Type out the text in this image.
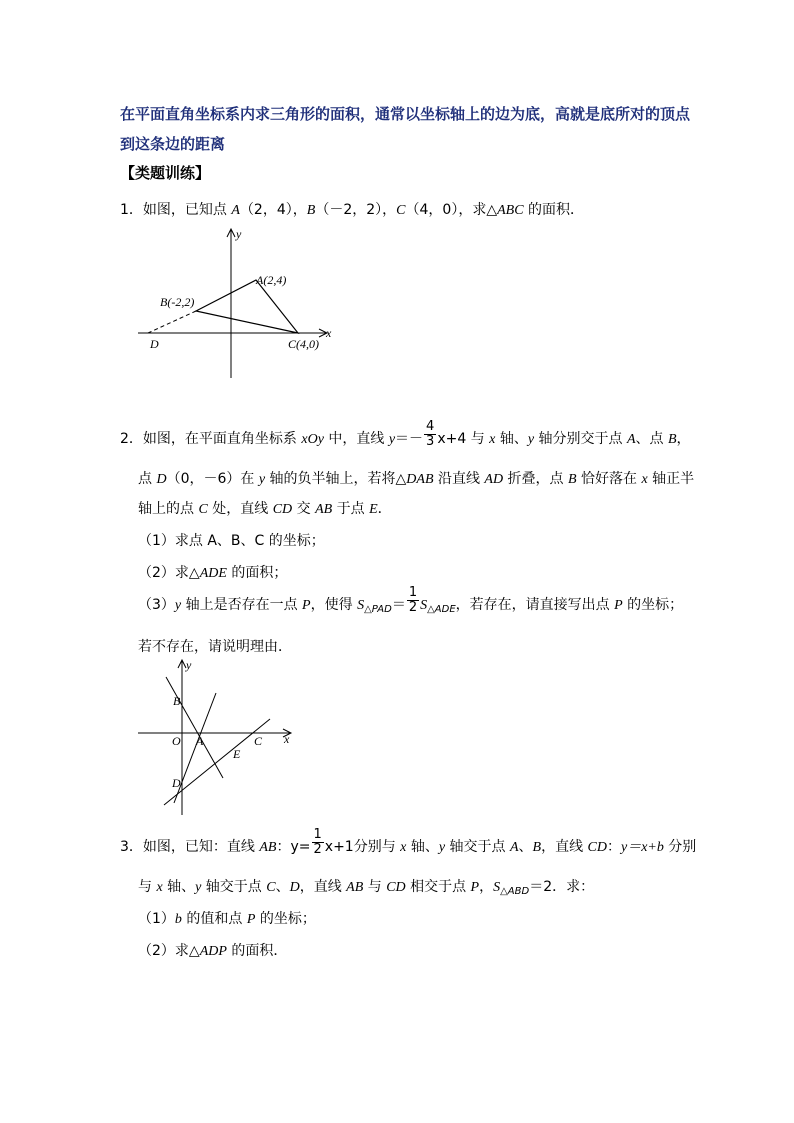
在平面直角坐标系内求三角形的面积，通常以坐标轴上的边为底，高就是底所对的顶点
到这条边的距离
【类题训练】
1．如图，已知点 A（2，4），B（－2，2），C（4，0），求△ABC 的面积．
y
x
A(2,4)
B(-2,2)
C(4,0)
D
2．如图，在平面直角坐标系 xOy 中，直线 $y=- \frac{4}{3} x+4$ 与 x 轴、y 轴分别交于点 A、点 B，
点 D（0，－6）在 y 轴的负半轴上，若将△DAB 沿直线 AD 折叠，点 B 恰好落在 x 轴正半
轴上的点 C 处，直线 CD 交 AB 于点 E．
（1）求点 A、B、C 的坐标；
（2）求△ADE 的面积；
（3）y 轴上是否存在一点 P，使得 $S_{\triangle PAD}= \frac{1}{2} S_{\triangle ADE}$，若存在，请直接写出点 P 的坐标；
若不存在，请说明理由．
y
x
O A
B
C
D
E
3．如图，已知：直线 AB：$y= \frac{1}{2} x+1$分别与 x 轴、y 轴交于点 A、B，直线 CD：y＝x+b 分别
与 x 轴、y 轴交于点 C、D，直线 AB 与 CD 相交于点 P，$S_{\triangle ABD}=2$．求：
（1）b 的值和点 P 的坐标；
（2）求△ADP 的面积．
